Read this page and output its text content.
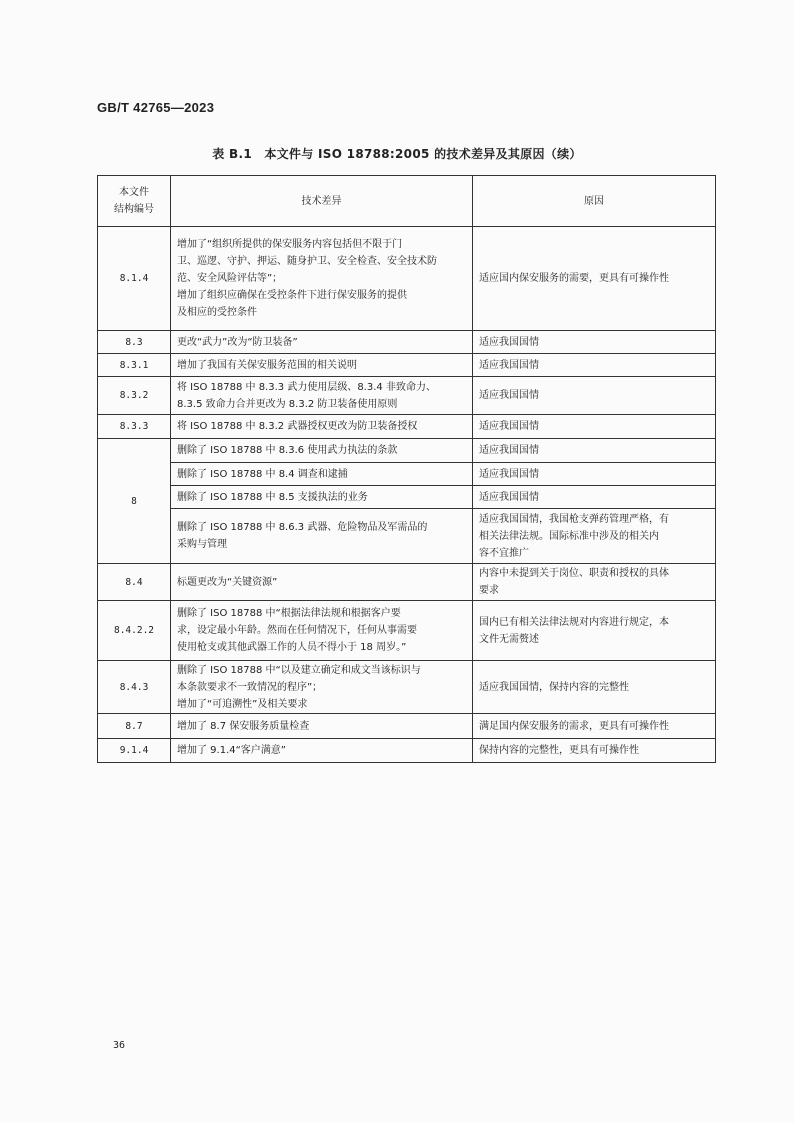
GB/T 42765—2023
表 B.1　本文件与 ISO 18788:2005 的技术差异及其原因（续）
本文件
结构编号	技术差异	原因
8.1.4	增加了“组织所提供的保安服务内容包括但不限于门
卫、巡逻、守护、押运、随身护卫、安全检查、安全技术防
范、安全风险评估等”；
增加了组织应确保在受控条件下进行保安服务的提供
及相应的受控条件	适应国内保安服务的需要，更具有可操作性

8.3	更改“武力”改为“防卫装备”	适应我国国情

8.3.1	增加了我国有关保安服务范围的相关说明	适应我国国情

8.3.2	将 ISO 18788 中 8.3.3 武力使用层级、8.3.4 非致命力、
8.3.5 致命力合并更改为 8.3.2 防卫装备使用原则	适应我国国情

8.3.3	将 ISO 18788 中 8.3.2 武器授权更改为防卫装备授权	适应我国国情

8	删除了 ISO 18788 中 8.3.6 使用武力执法的条款	适应我国国情

	删除了 ISO 18788 中 8.4 调查和逮捕	适应我国国情

	删除了 ISO 18788 中 8.5 支援执法的业务	适应我国国情

	删除了 ISO 18788 中 8.6.3 武器、危险物品及军需品的
采购与管理	适应我国国情，我国枪支弹药管理严格，有
相关法律法规。国际标准中涉及的相关内
容不宜推广

8.4	标题更改为“关键资源”	内容中未提到关于岗位、职责和授权的具体
要求

8.4.2.2	删除了 ISO 18788 中“根据法律法规和根据客户要
求，设定最小年龄。然而在任何情况下，任何从事需要
使用枪支或其他武器工作的人员不得小于 18 周岁。”	国内已有相关法律法规对内容进行规定，本
文件无需赘述

8.4.3	删除了 ISO 18788 中“以及建立确定和成文当该标识与
本条款要求不一致情况的程序”；
增加了“可追溯性”及相关要求	适应我国国情，保持内容的完整性

8.7	增加了 8.7 保安服务质量检查	满足国内保安服务的需求，更具有可操作性

9.1.4	增加了 9.1.4“客户满意”	保持内容的完整性，更具有可操作性
36
